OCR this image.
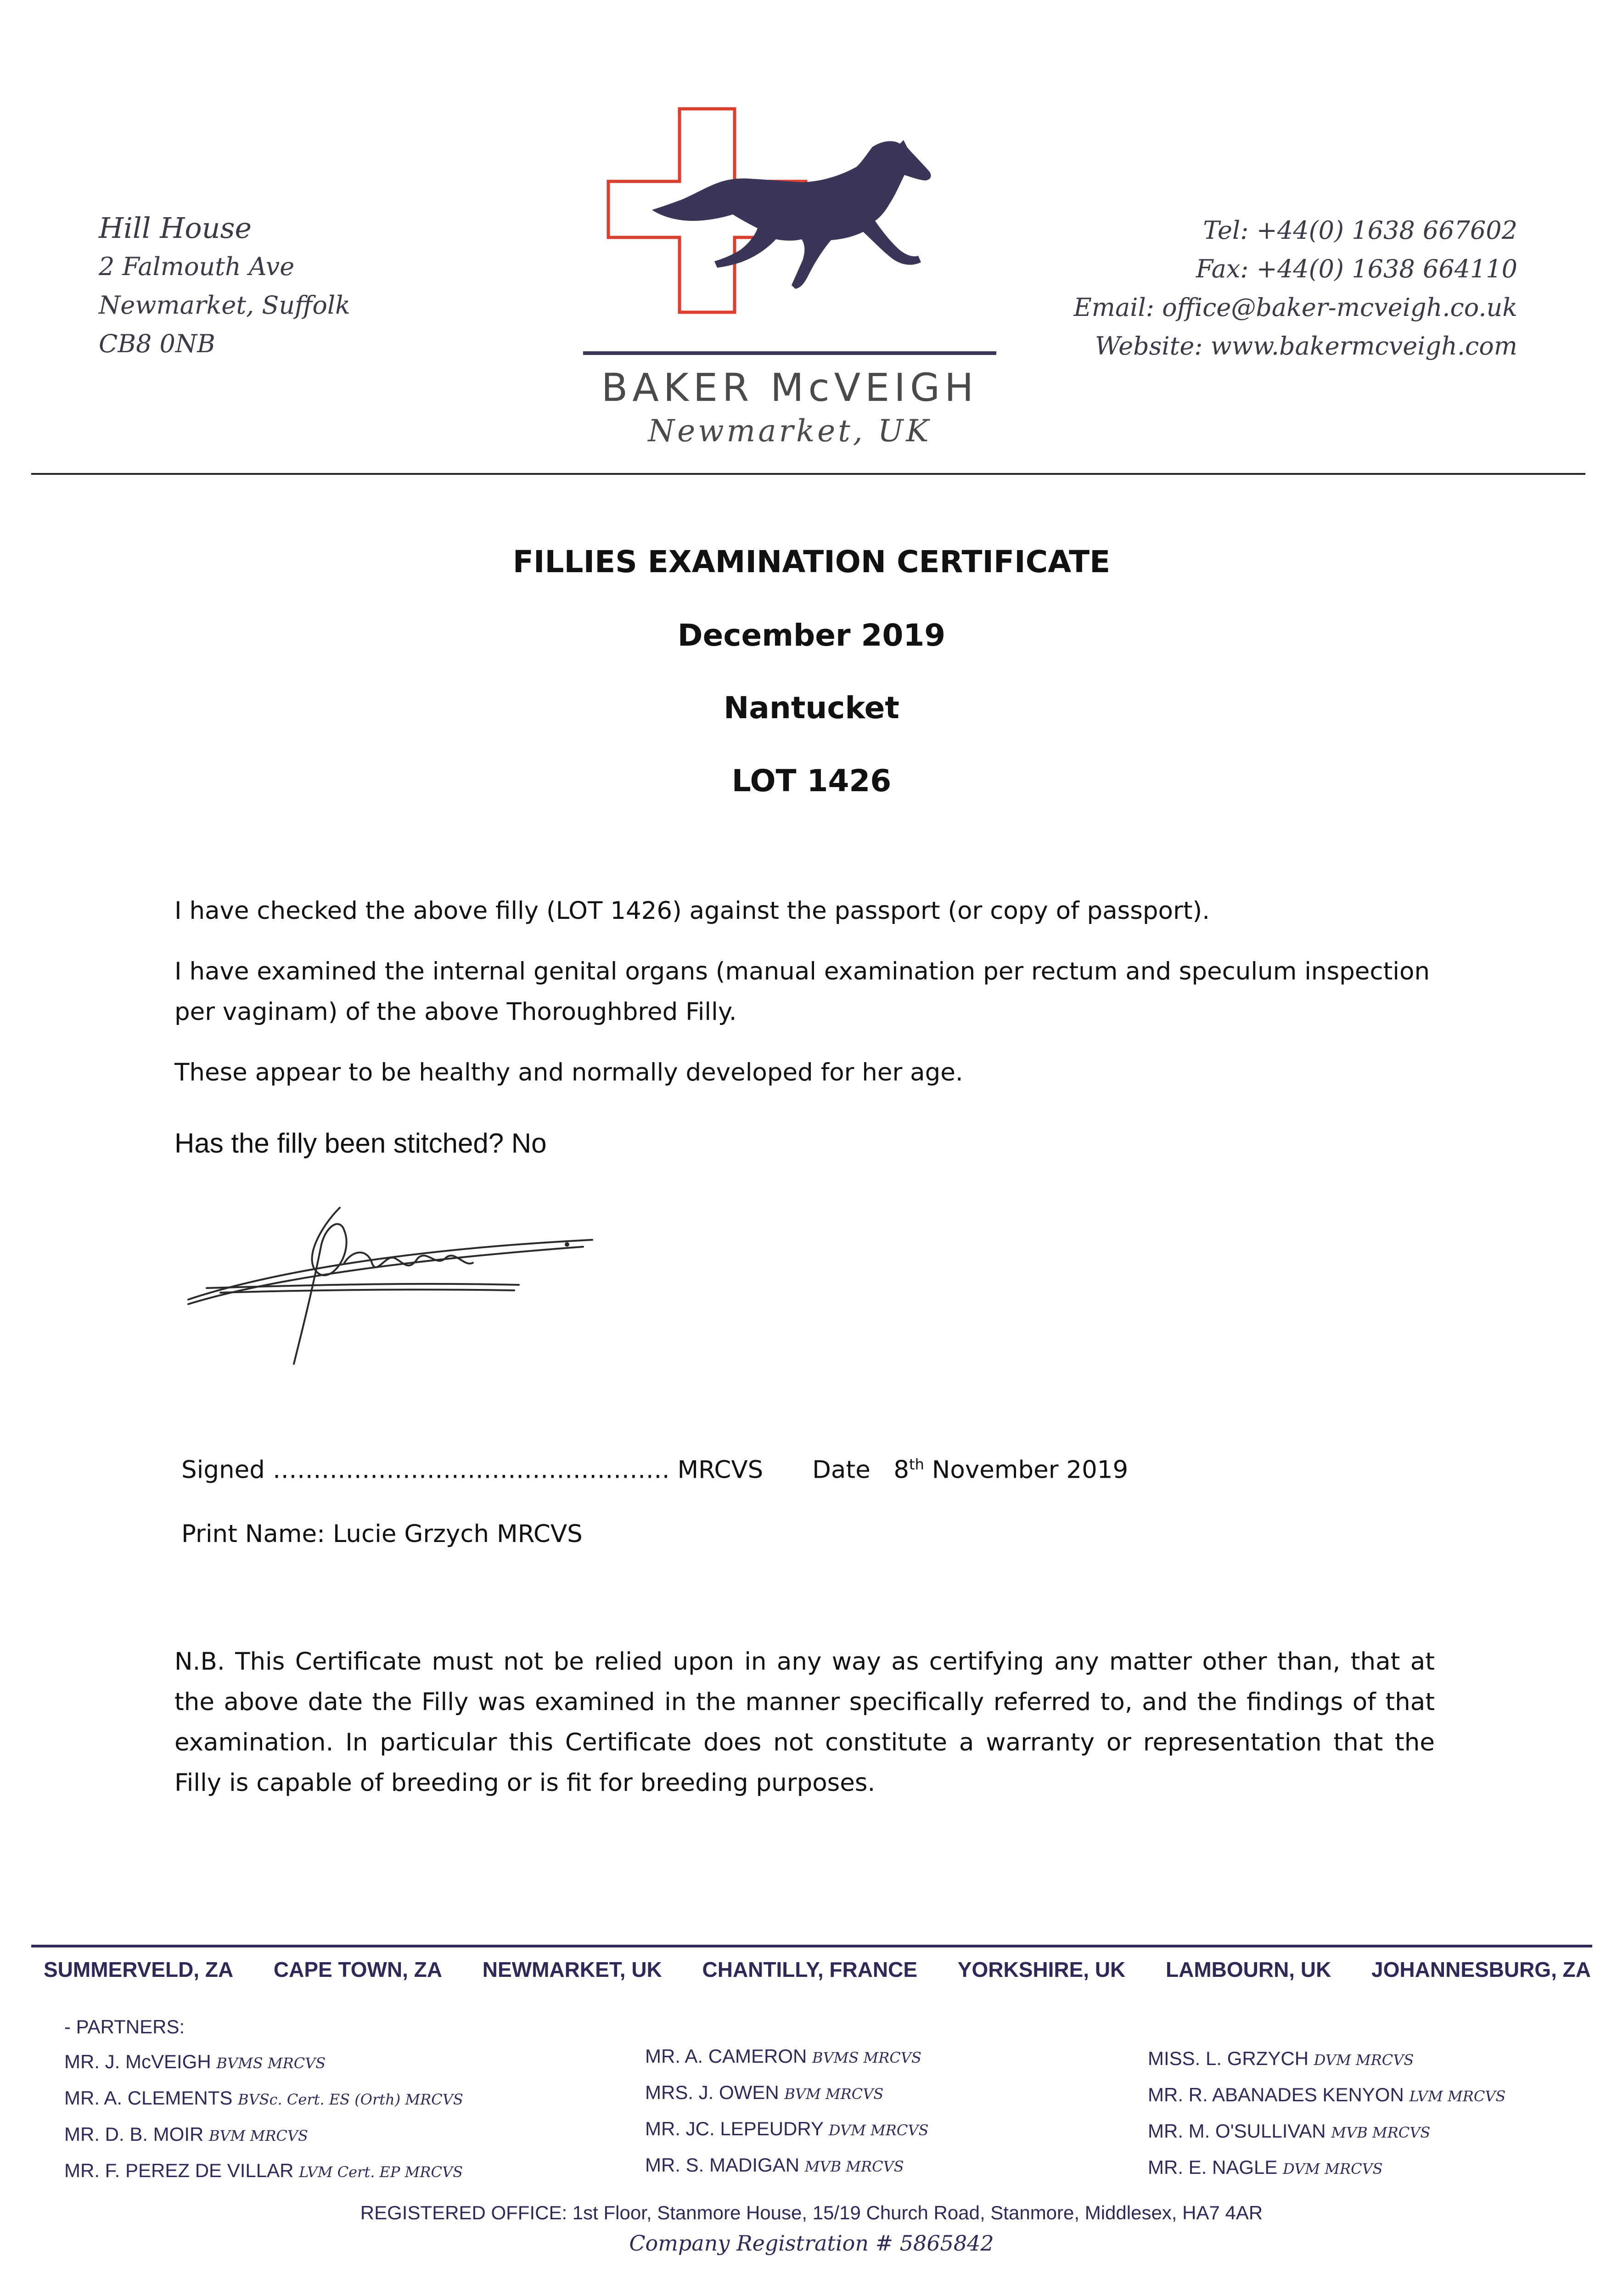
Hill House
2 Falmouth Ave
Newmarket, Suffolk
CB8 0NB
BAKER McVEIGH
Newmarket, UK
Tel: +44(0) 1638 667602
Fax: +44(0) 1638 664110
Email: office@baker-mcveigh.co.uk
Website: www.bakermcveigh.com
FILLIES EXAMINATION CERTIFICATE
December 2019
Nantucket
LOT 1426
I have checked the above filly (LOT 1426) against the passport (or copy of passport).
I have examined the internal genital organs (manual examination per rectum and speculum inspection per vaginam) of the above Thoroughbred Filly.
These appear to be healthy and normally developed for her age.
Has the filly been stitched? No
Signed …………………………………………. MRCVS Date 8th November 2019
Print Name: Lucie Grzych MRCVS
N.B. This Certificate must not be relied upon in any way as certifying any matter other than, that at the above date the Filly was examined in the manner specifically referred to, and the findings of that examination. In particular this Certificate does not constitute a warranty or representation that the Filly is capable of breeding or is fit for breeding purposes.
SUMMERVELD, ZA CAPE TOWN, ZA NEWMARKET, UK CHANTILLY, FRANCE YORKSHIRE, UK LAMBOURN, UK JOHANNESBURG, ZA
- PARTNERS:
MR. J. McVEIGH BVMS MRCVS
MR. A. CLEMENTS BVSc. Cert. ES (Orth) MRCVS
MR. D. B. MOIR BVM MRCVS
MR. F. PEREZ DE VILLAR LVM Cert. EP MRCVS
MR. A. CAMERON BVMS MRCVS
MRS. J. OWEN BVM MRCVS
MR. JC. LEPEUDRY DVM MRCVS
MR. S. MADIGAN MVB MRCVS
MISS. L. GRZYCH DVM MRCVS
MR. R. ABANADES KENYON LVM MRCVS
MR. M. O'SULLIVAN MVB MRCVS
MR. E. NAGLE DVM MRCVS
REGISTERED OFFICE: 1st Floor, Stanmore House, 15/19 Church Road, Stanmore, Middlesex, HA7 4AR
Company Registration # 5865842
